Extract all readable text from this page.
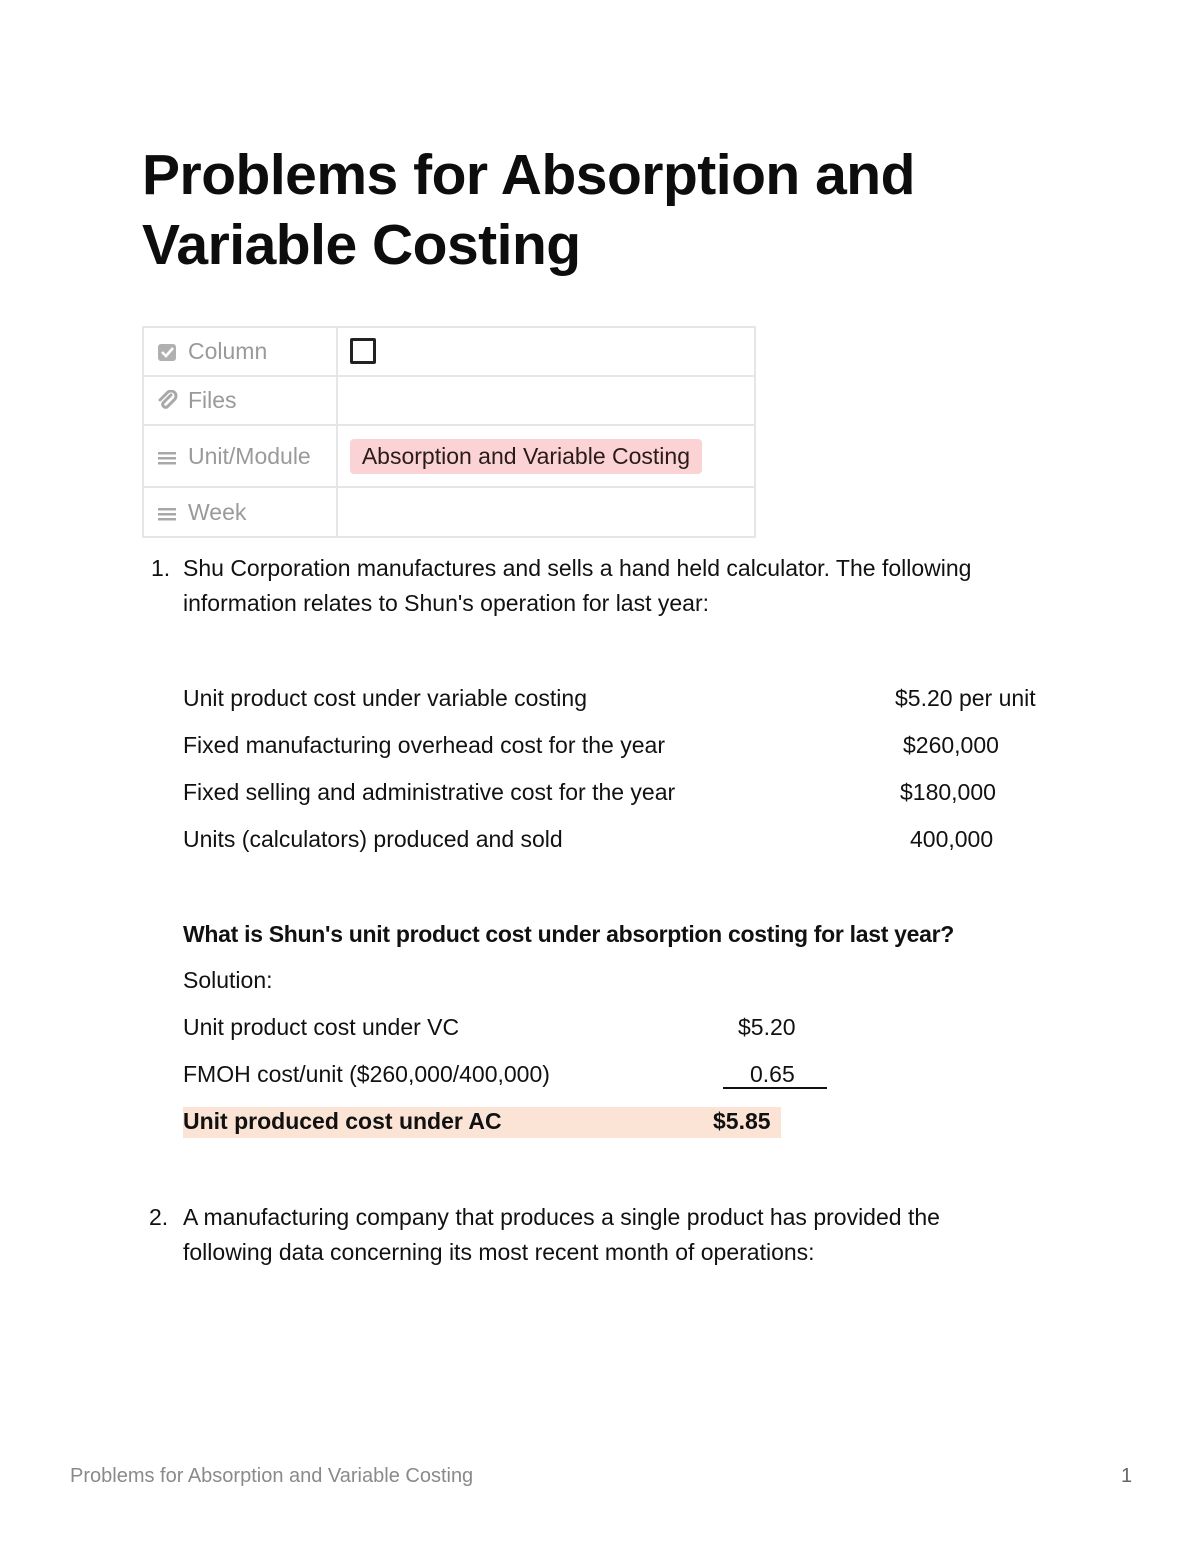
Problems for Absorption and Variable Costing
Column	

Files	

Unit/Module	Absorption and Variable Costing

Week	

1. Shu Corporation manufactures and sells a hand held calculator. The following
information relates to Shun's operation for last year:
Unit product cost under variable costing	$5.20 per unit
Fixed manufacturing overhead cost for the year	$260,000
Fixed selling and administrative cost for the year	$180,000
Units (calculators) produced and sold	400,000
What is Shun's unit product cost under absorption costing for last year?
Solution:
Unit product cost under VC	$5.20
FMOH cost/unit ($260,000/400,000)	0.65
Unit produced cost under AC	$5.85
2. A manufacturing company that produces a single product has provided the
following data concerning its most recent month of operations:
Problems for Absorption and Variable Costing	1
